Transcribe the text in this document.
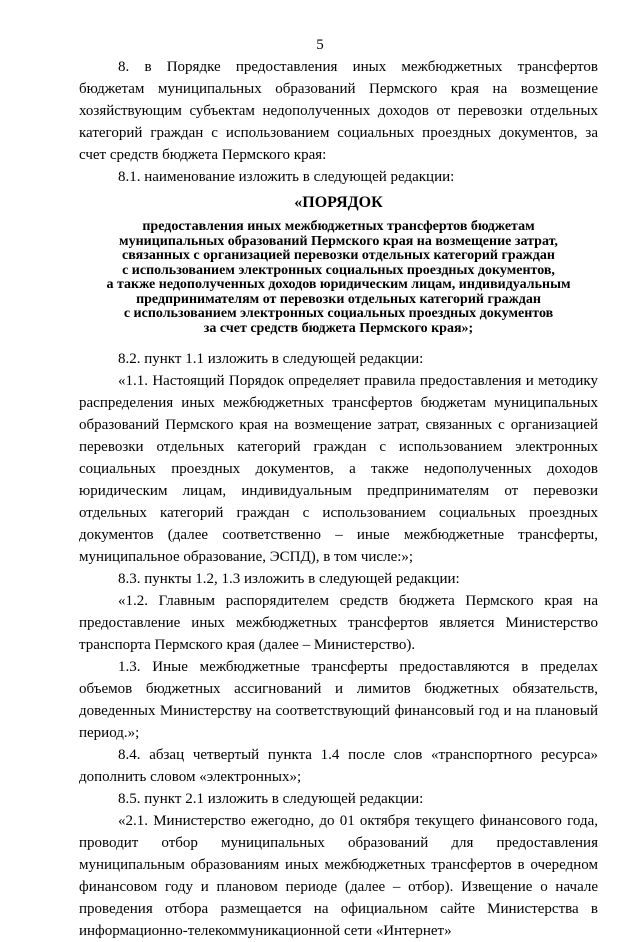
5

8. в Порядке предоставления иных межбюджетных трансфертов бюджетам муниципальных образований Пермского края на возмещение хозяйствующим субъектам недополученных доходов от перевозки отдельных категорий граждан с использованием социальных проездных документов, за счет средств бюджета Пермского края:

8.1. наименование изложить в следующей редакции:

«ПОРЯДОК
предоставления иных межбюджетных трансфертов бюджетам
муниципальных образований Пермского края на возмещение затрат,
связанных с организацией перевозки отдельных категорий граждан
с использованием электронных социальных проездных документов,
а также недополученных доходов юридическим лицам, индивидуальным
предпринимателям от перевозки отдельных категорий граждан
с использованием электронных социальных проездных документов
за счет средств бюджета Пермского края»;

8.2. пункт 1.1 изложить в следующей редакции:

«1.1. Настоящий Порядок определяет правила предоставления и методику распределения иных межбюджетных трансфертов бюджетам муниципальных образований Пермского края на возмещение затрат, связанных с организацией перевозки отдельных категорий граждан с использованием электронных социальных проездных документов, а также недополученных доходов юридическим лицам, индивидуальным предпринимателям от перевозки отдельных категорий граждан с использованием социальных проездных документов (далее соответственно – иные межбюджетные трансферты, муниципальное образование, ЭСПД), в том числе:»;

8.3. пункты 1.2, 1.3 изложить в следующей редакции:

«1.2. Главным распорядителем средств бюджета Пермского края на предоставление иных межбюджетных трансфертов является Министерство транспорта Пермского края (далее – Министерство).

1.3. Иные межбюджетные трансферты предоставляются в пределах объемов бюджетных ассигнований и лимитов бюджетных обязательств, доведенных Министерству на соответствующий финансовый год и на плановый период.»;

8.4. абзац четвертый пункта 1.4 после слов «транспортного ресурса» дополнить словом «электронных»;

8.5. пункт 2.1 изложить в следующей редакции:

«2.1. Министерство ежегодно, до 01 октября текущего финансового года, проводит отбор муниципальных образований для предоставления муниципальным образованиям иных межбюджетных трансфертов в очередном финансовом году и плановом периоде (далее – отбор). Извещение о начале проведения отбора размещается на официальном сайте Министерства в информационно-телекоммуникационной сети «Интернет»
